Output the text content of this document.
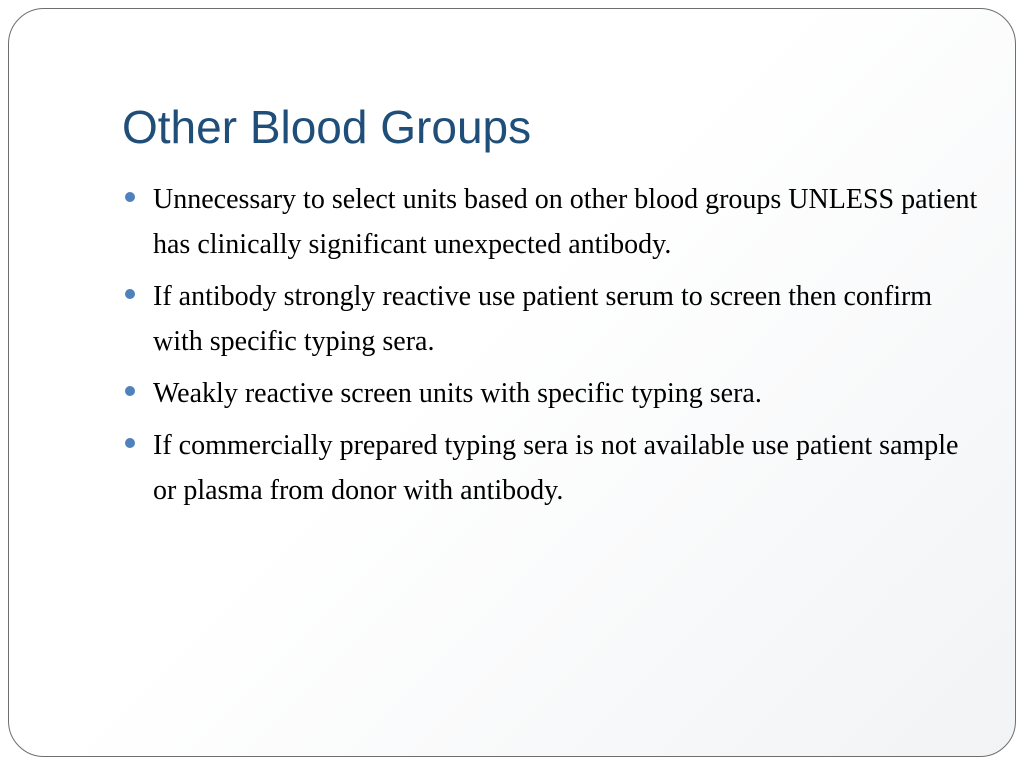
Other Blood Groups
Unnecessary to select units based on other blood groups UNLESS patient has clinically significant unexpected antibody.
If antibody strongly reactive use patient serum to screen then confirm with specific typing sera.
Weakly reactive screen units with specific typing sera.
If commercially prepared typing sera is not available use patient sample or plasma from donor with antibody.
